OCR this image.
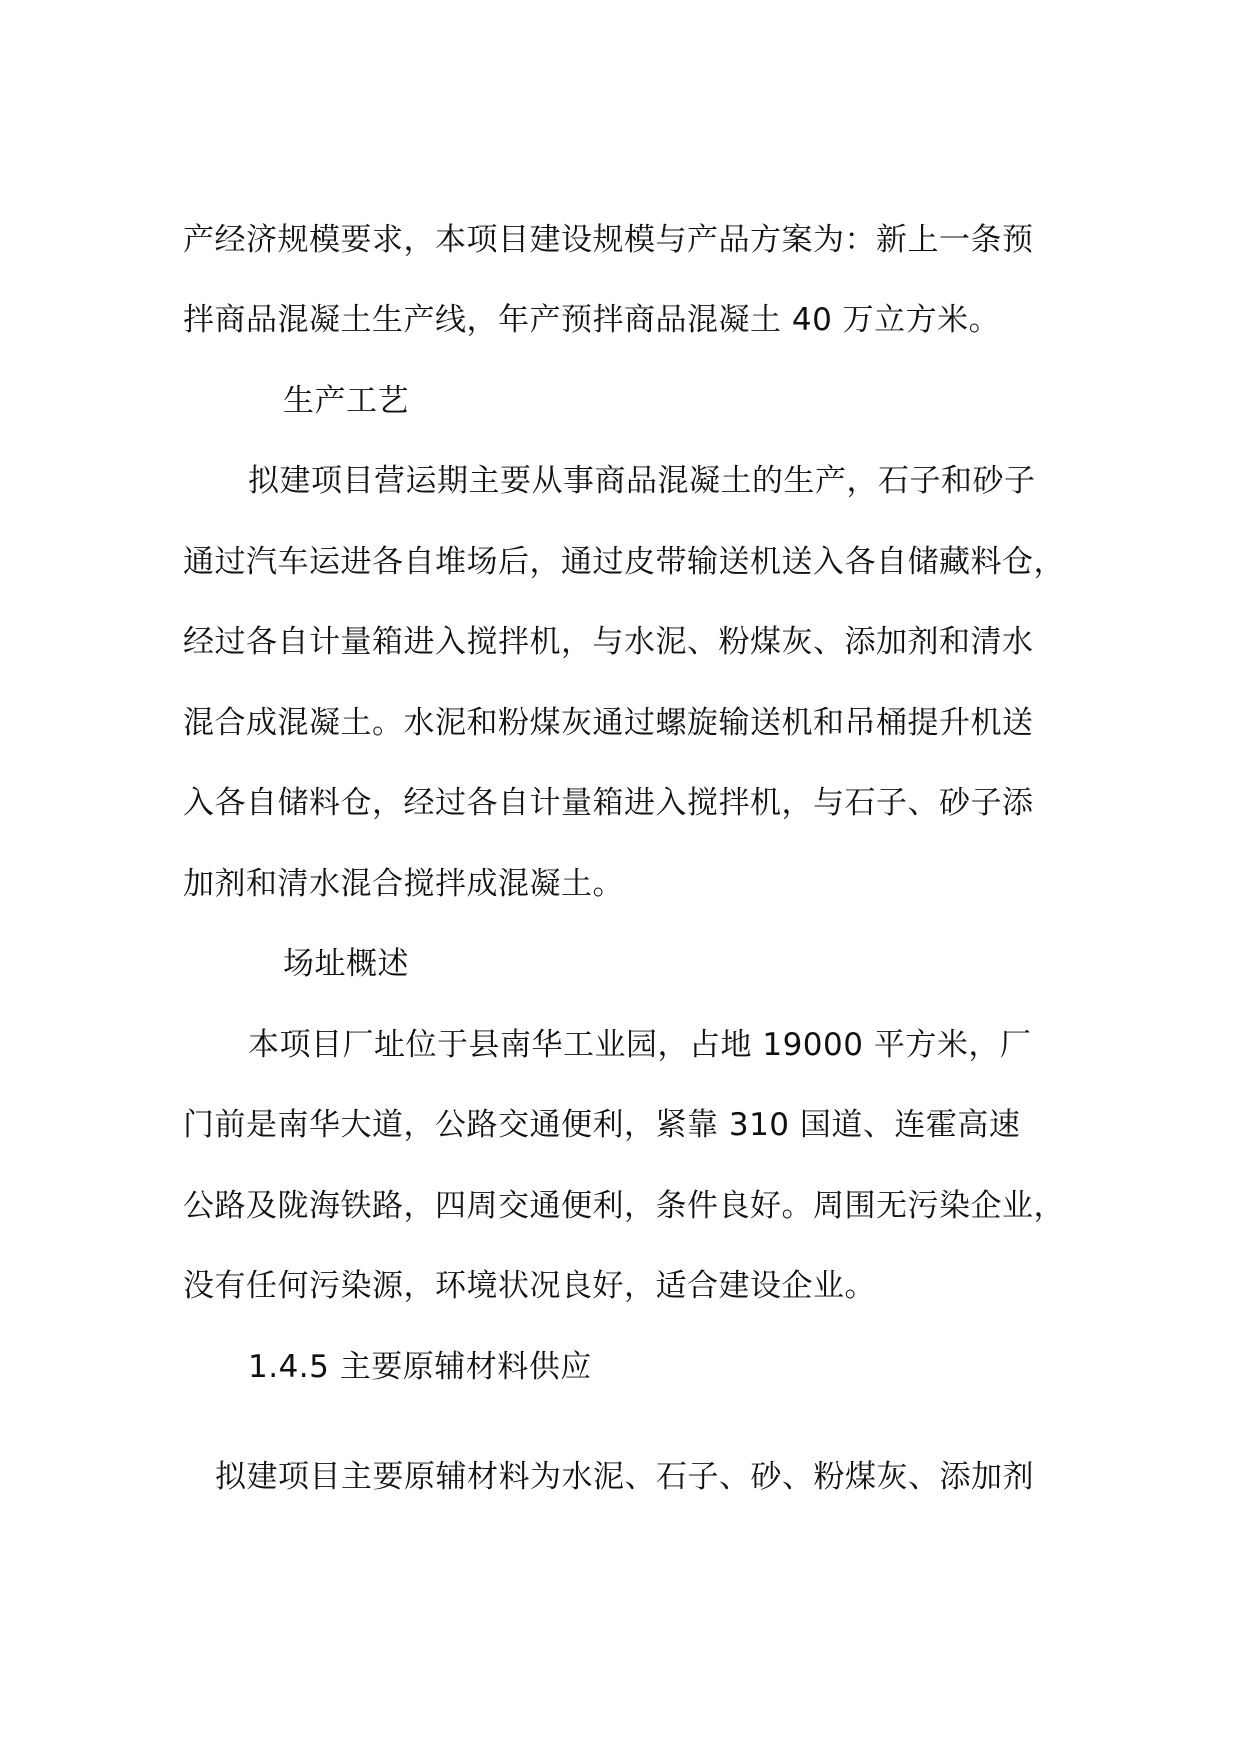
产经济规模要求，本项目建设规模与产品方案为：新上一条预
拌商品混凝土生产线，年产预拌商品混凝土 40 万立方米。
生产工艺
拟建项目营运期主要从事商品混凝土的生产，石子和砂子
通过汽车运进各自堆场后，通过皮带输送机送入各自储藏料仓，
经过各自计量箱进入搅拌机，与水泥、粉煤灰、添加剂和清水
混合成混凝土。水泥和粉煤灰通过螺旋输送机和吊桶提升机送
入各自储料仓，经过各自计量箱进入搅拌机，与石子、砂子添
加剂和清水混合搅拌成混凝土。
场址概述
本项目厂址位于县南华工业园，占地 19000 平方米，厂
门前是南华大道，公路交通便利，紧靠 310 国道、连霍高速
公路及陇海铁路，四周交通便利，条件良好。周围无污染企业，
没有任何污染源，环境状况良好，适合建设企业。
1.4.5 主要原辅材料供应
拟建项目主要原辅材料为水泥、石子、砂、粉煤灰、添加剂
